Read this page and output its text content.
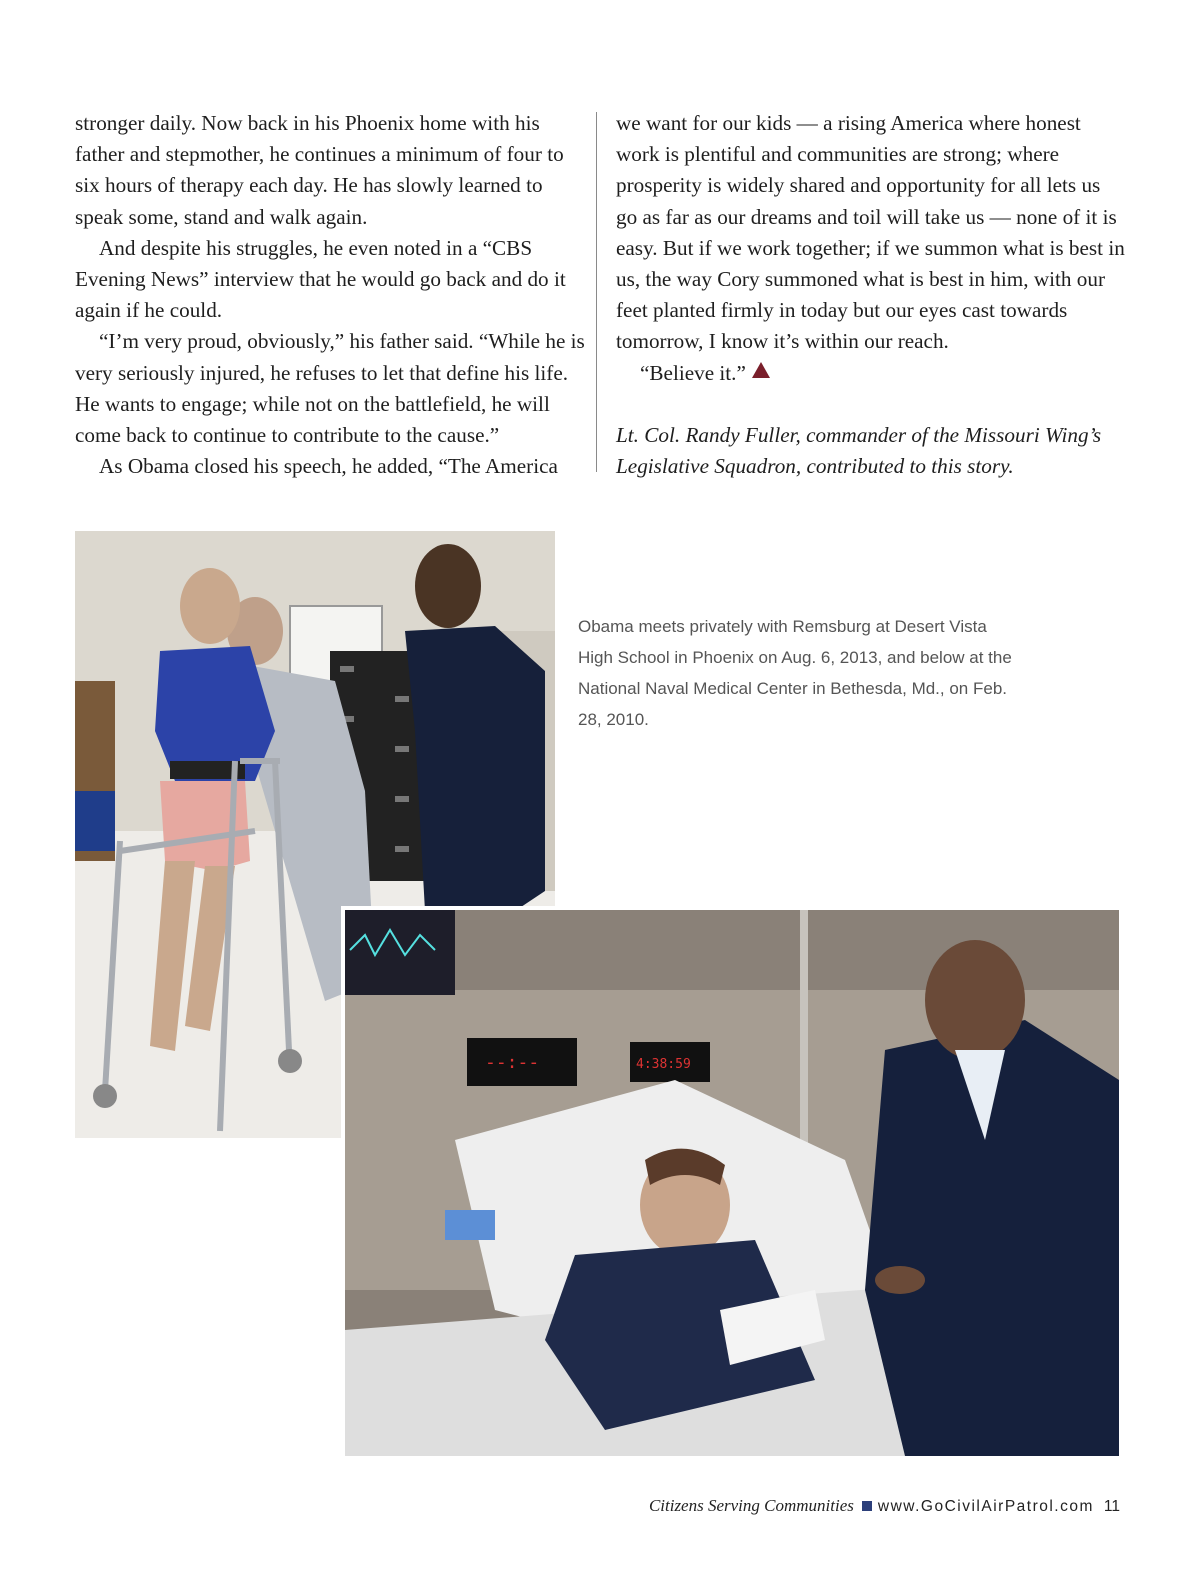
stronger daily. Now back in his Phoenix home with his father and stepmother, he continues a minimum of four to six hours of therapy each day. He has slowly learned to speak some, stand and walk again.

And despite his struggles, he even noted in a “CBS Evening News” interview that he would go back and do it again if he could.

“I’m very proud, obviously,” his father said. “While he is very seriously injured, he refuses to let that define his life. He wants to engage; while not on the battlefield, he will come back to continue to contribute to the cause.”

As Obama closed his speech, he added, “The America

we want for our kids — a rising America where honest work is plentiful and communities are strong; where prosperity is widely shared and opportunity for all lets us go as far as our dreams and toil will take us — none of it is easy. But if we work together; if we summon what is best in us, the way Cory summoned what is best in him, with our feet planted firmly in today but our eyes cast towards tomorrow, I know it’s within our reach.

“Believe it.”

Lt. Col. Randy Fuller, commander of the Missouri Wing’s Legislative Squadron, contributed to this story.

Obama meets privately with Remsburg at Desert Vista High School in Phoenix on Aug. 6, 2013, and below at the National Naval Medical Center in Bethesda, Md., on Feb. 28, 2010.
--:--	4:38:59
Citizens Serving Communities www.GoCivilAirPatrol.com 11
